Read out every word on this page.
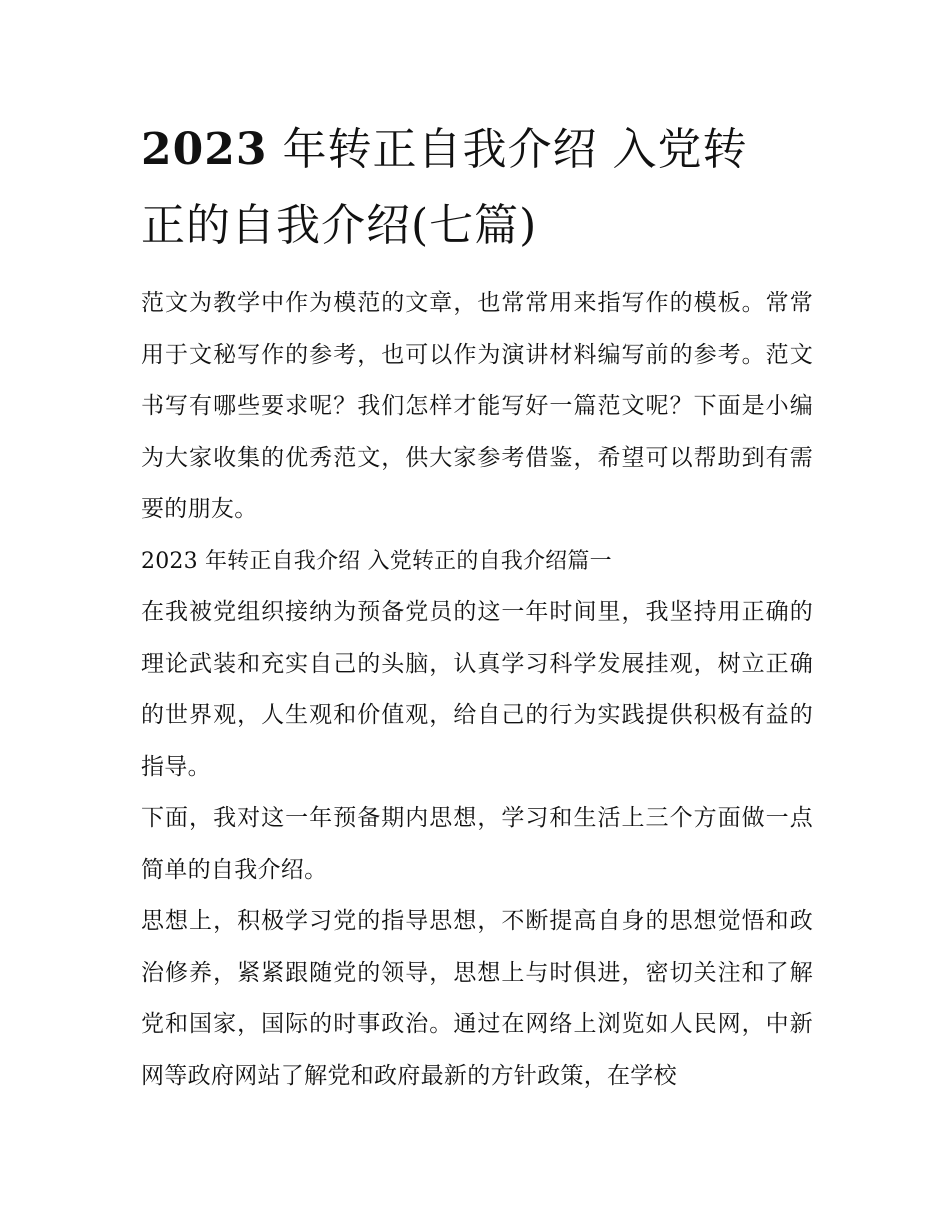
2023 年转正自我介绍 入党转正的自我介绍(七篇)

范文为教学中作为模范的文章，也常常用来指写作的模板。常常用于文秘写作的参考，也可以作为演讲材料编写前的参考。范文书写有哪些要求呢？我们怎样才能写好一篇范文呢？下面是小编为大家收集的优秀范文，供大家参考借鉴，希望可以帮助到有需要的朋友。

2023 年转正自我介绍 入党转正的自我介绍篇一

在我被党组织接纳为预备党员的这一年时间里，我坚持用正确的理论武装和充实自己的头脑，认真学习科学发展挂观，树立正确的世界观，人生观和价值观，给自己的行为实践提供积极有益的指导。

下面，我对这一年预备期内思想，学习和生活上三个方面做一点简单的自我介绍。

思想上，积极学习党的指导思想，不断提高自身的思想觉悟和政治修养，紧紧跟随党的领导，思想上与时俱进，密切关注和了解党和国家，国际的时事政治。通过在网络上浏览如人民网，中新网等政府网站了解党和政府最新的方针政策，在学校
